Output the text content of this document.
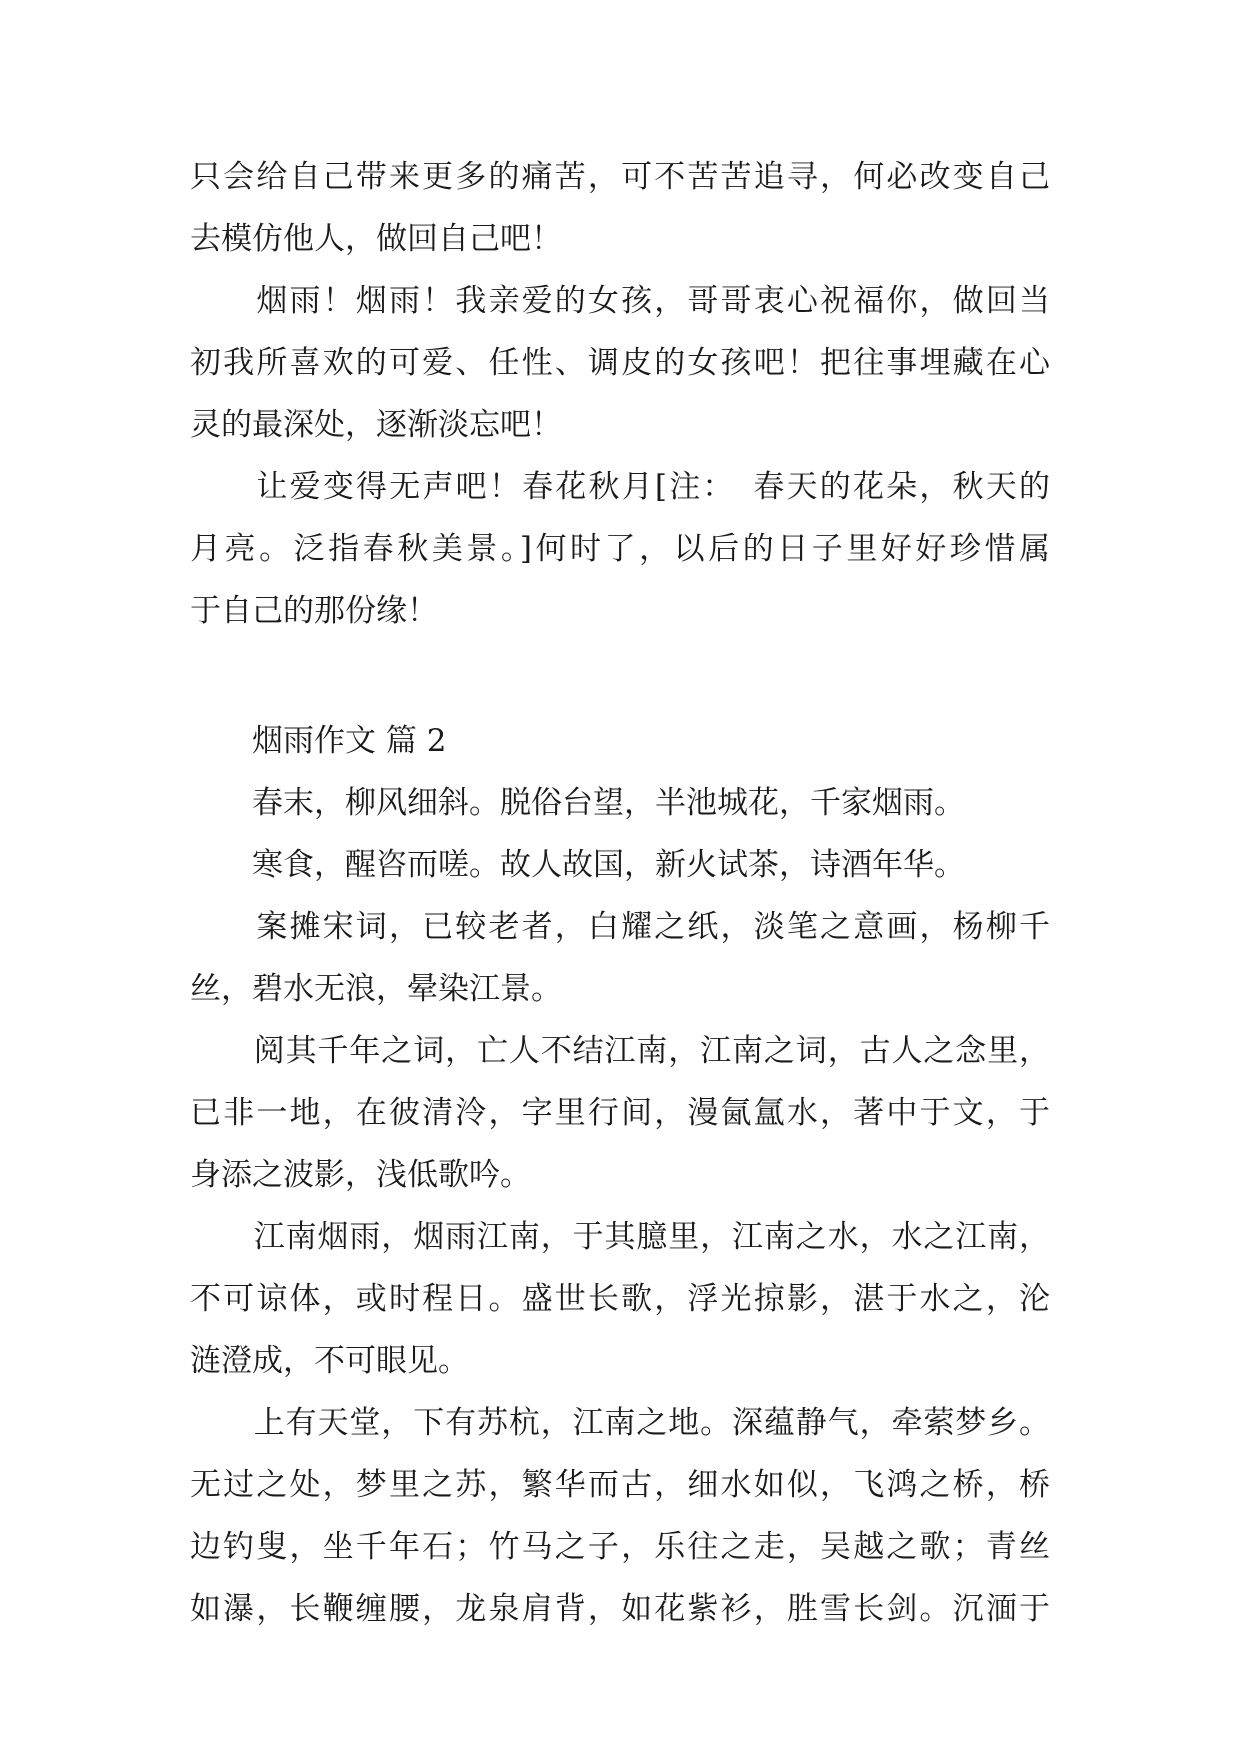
只会给自己带来更多的痛苦，可不苦苦追寻，何必改变自己
去模仿他人，做回自己吧！
　　烟雨！烟雨！我亲爱的女孩，哥哥衷心祝福你，做回当
初我所喜欢的可爱、任性、调皮的女孩吧！把往事埋藏在心
灵的最深处，逐渐淡忘吧！
　　让爱变得无声吧！春花秋月[注：　春天的花朵，秋天的
月亮。泛指春秋美景。]何时了，以后的日子里好好珍惜属
于自己的那份缘！
烟雨作文 篇 2
　　春末，柳风细斜。脱俗台望，半池城花，千家烟雨。
　　寒食，醒咨而嗟。故人故国，新火试茶，诗酒年华。
　　案摊宋词，已较老者，白耀之纸，淡笔之意画，杨柳千
丝，碧水无浪，晕染江景。
　　阅其千年之词，亡人不结江南，江南之词，古人之念里，
已非一地，在彼清泠，字里行间，漫氤氲水，著中于文，于
身添之波影，浅低歌吟。
　　江南烟雨，烟雨江南，于其臆里，江南之水，水之江南，
不可谅体，或时程日。盛世长歌，浮光掠影，湛于水之，沦
涟澄成，不可眼见。
　　上有天堂，下有苏杭，江南之地。深蕴静气，牵萦梦乡。
无过之处，梦里之苏，繁华而古，细水如似，飞鸿之桥，桥
边钓叟，坐千年石；竹马之子，乐往之走，吴越之歌；青丝
如瀑，长鞭缠腰，龙泉肩背，如花紫衫，胜雪长剑。沉湎于
